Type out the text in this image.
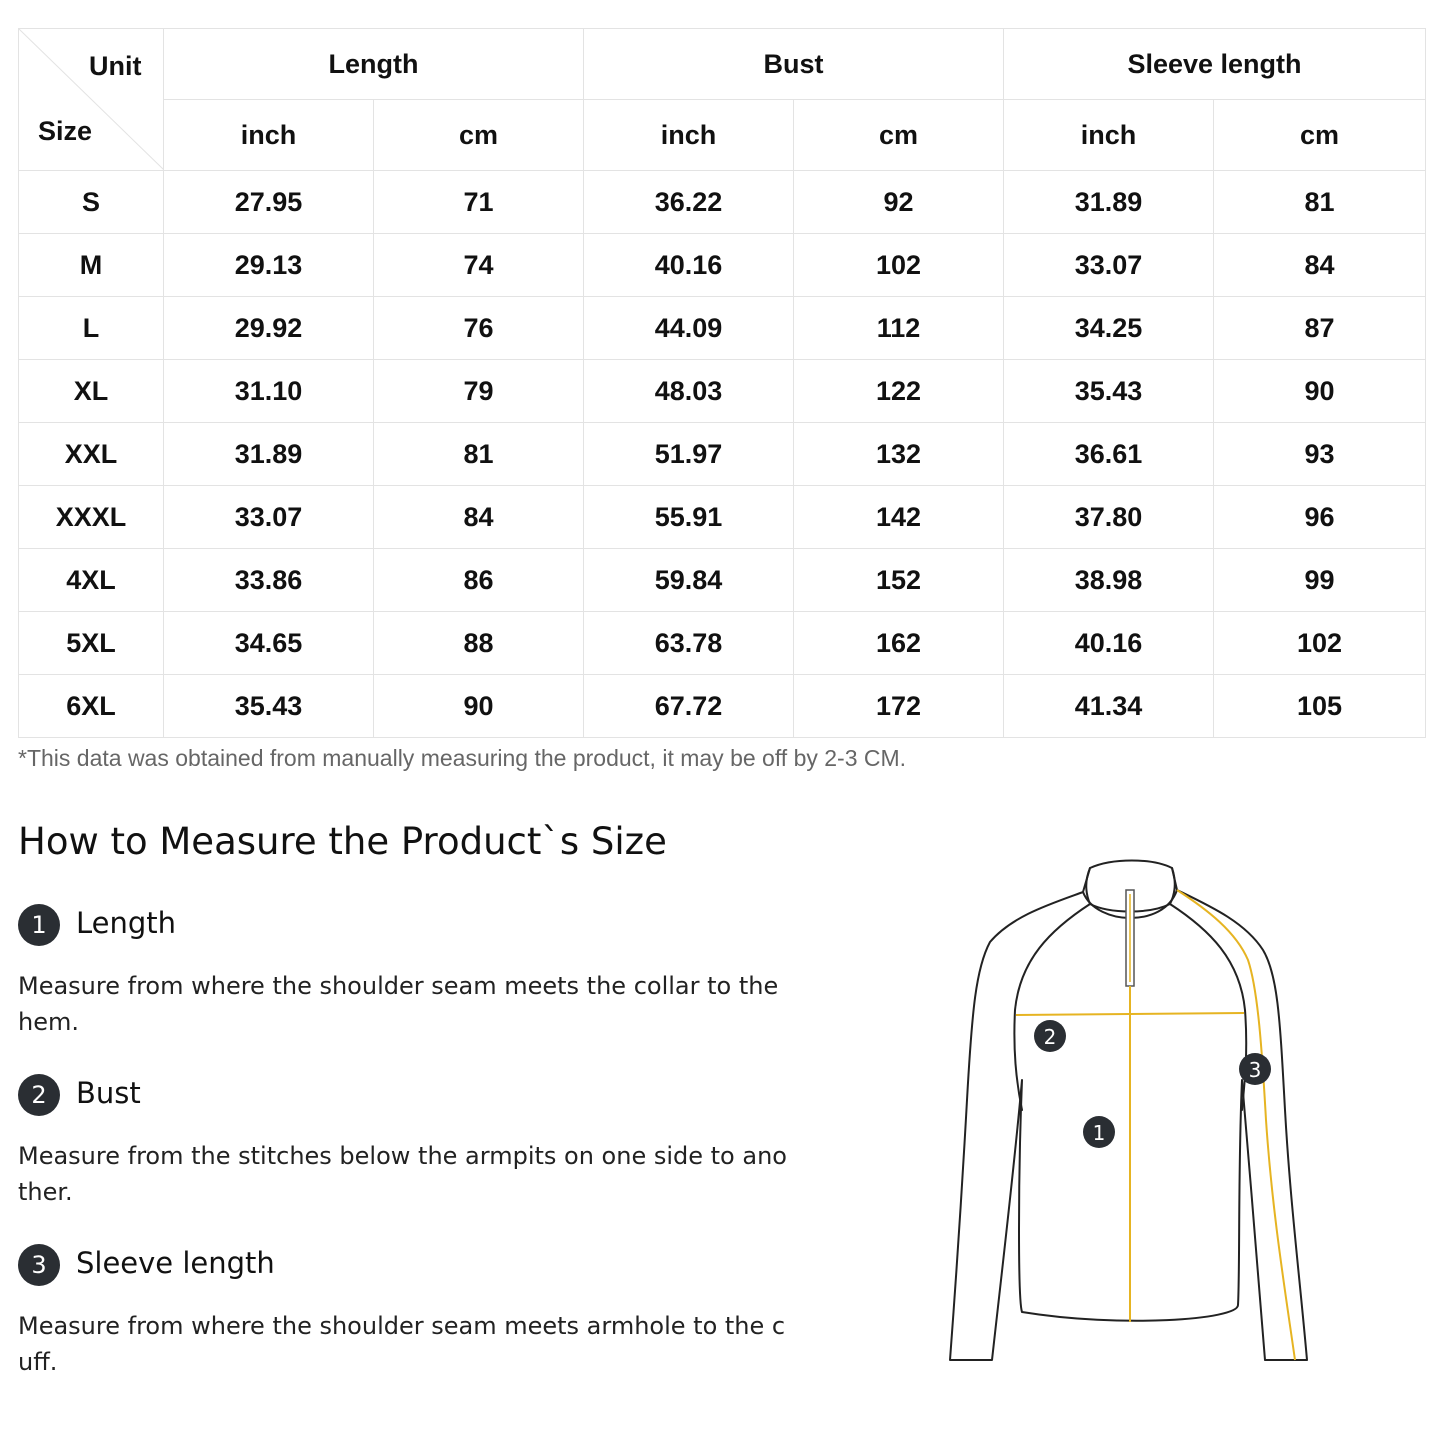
Unit
Size	Length		Bust		Sleeve length	
	inch	cm	inch	cm	inch	cm
S	27.95	71	36.22	92	31.89	81
M	29.13	74	40.16	102	33.07	84
L	29.92	76	44.09	112	34.25	87
XL	31.10	79	48.03	122	35.43	90
XXL	31.89	81	51.97	132	36.61	93
XXXL	33.07	84	55.91	142	37.80	96
4XL	33.86	86	59.84	152	38.98	99
5XL	34.65	88	63.78	162	40.16	102
6XL	35.43	90	67.72	172	41.34	105
*This data was obtained from manually measuring the product, it may be off by 2-3 CM.
How to Measure the Product`s Size
1	Length
Measure from where the shoulder seam meets the collar to the hem.
2	Bust
Measure from the stitches below the armpits on one side to another.
3	Sleeve length
Measure from where the shoulder seam meets armhole to the cuff.
1
2
3
